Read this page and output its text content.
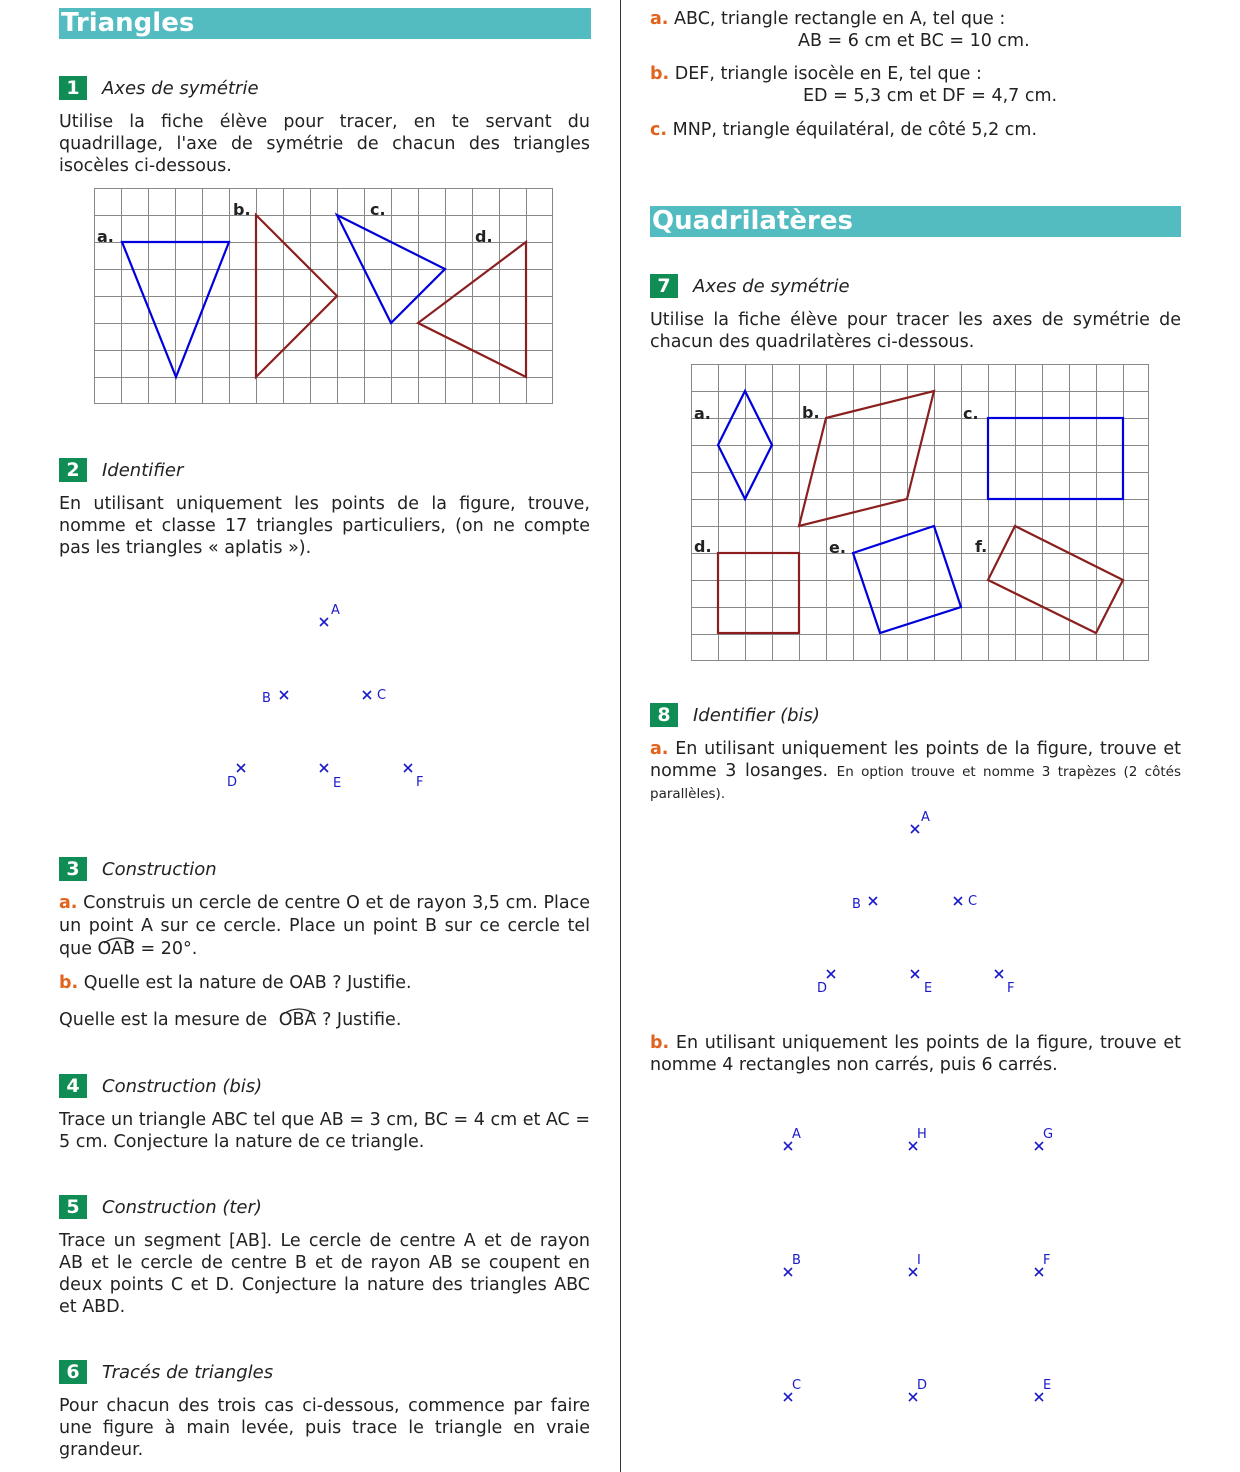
Triangles
1	Axes de symétrie
Utilise la fiche élève pour tracer, en te servant du quadrillage, l'axe de symétrie de chacun des triangles isocèles ci-dessous.
a.
b.	c.
d.
2	Identifier
En utilisant uniquement les points de la figure, trouve, nomme et classe 17 triangles particuliers, (on ne compte pas les triangles « aplatis »).
A
B	C
D	E	F
3	Construction
a. Construis un cercle de centre O et de rayon 3,5 cm. Place un point A sur ce cercle. Place un point B sur ce cercle tel que
OAB = 20°.
b. Quelle est la nature de OAB ? Justifie.
Quelle est la mesure de
OBA ? Justifie.
4	Construction (bis)
Trace un triangle ABC tel que AB = 3 cm, BC = 4 cm et AC = 5 cm. Conjecture la nature de ce triangle.
5	Construction (ter)
Trace un segment [AB]. Le cercle de centre A et de rayon AB et le cercle de centre B et de rayon AB se coupent en deux points C et D. Conjecture la nature des triangles ABC et ABD.
6	Tracés de triangles
Pour chacun des trois cas ci-dessous, commence par faire une figure à main levée, puis trace le triangle en vraie grandeur.
a. ABC, triangle rectangle en A, tel que :
AB = 6 cm et BC = 10 cm.
b. DEF, triangle isocèle en E, tel que :
ED = 5,3 cm et DF = 4,7 cm.
c. MNP, triangle équilatéral, de côté 5,2 cm.
Quadrilatères
7	Axes de symétrie
Utilise la fiche élève pour tracer les axes de symétrie de chacun des quadrilatères ci-dessous.
a.	b.	c.
d.	e.	f.
8	Identifier (bis)
a. En utilisant uniquement les points de la figure, trouve et nomme 3 losanges. En option trouve et nomme 3 trapèzes (2 côtés parallèles).
A
B	C
D	E	F
b. En utilisant uniquement les points de la figure, trouve et nomme 4 rectangles non carrés, puis 6 carrés.
A	H	G
B	I	F
C	D	E
